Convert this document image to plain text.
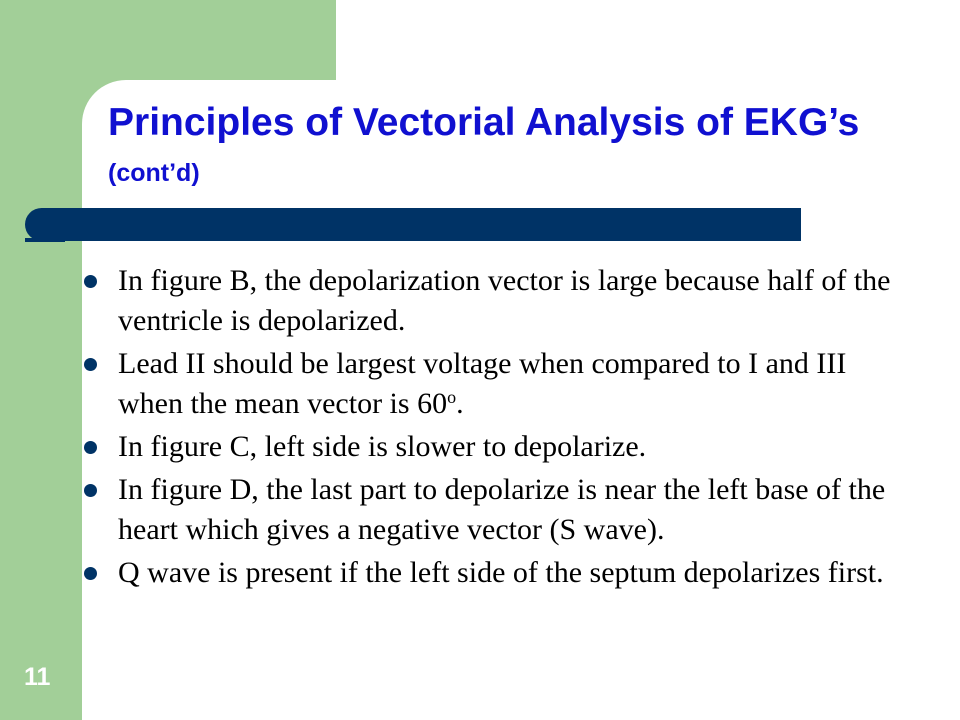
Principles of Vectorial Analysis of EKG’s (cont’d)
In figure B, the depolarization vector is large because half of the ventricle is depolarized.
Lead II should be largest voltage when compared to I and III when the mean vector is 60$^o$.
In figure C, left side is slower to depolarize.
In figure D, the last part to depolarize is near the left base of the heart which gives a negative vector (S wave).
Q wave is present if the left side of the septum depolarizes first.
11
